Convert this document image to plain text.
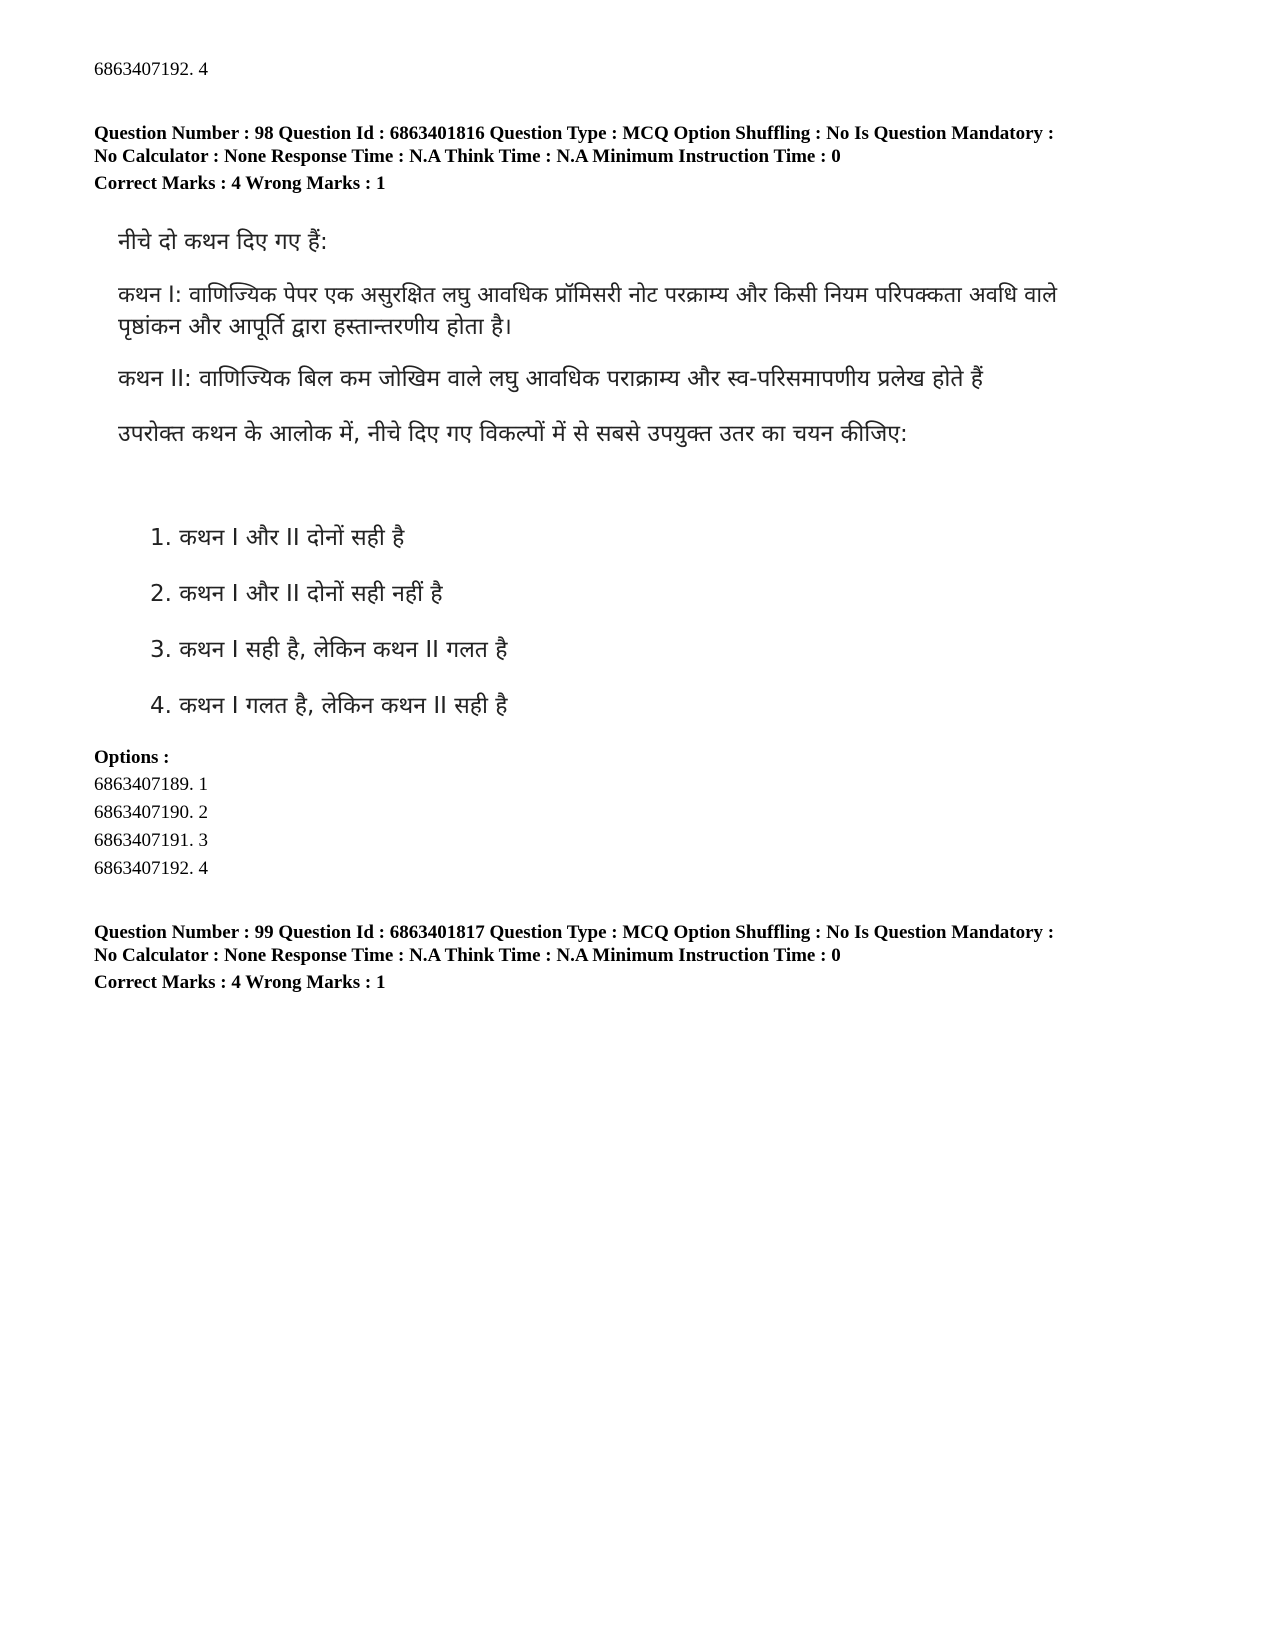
6863407192. 4
Question Number : 98 Question Id : 6863401816 Question Type : MCQ Option Shuffling : No Is Question Mandatory :
No Calculator : None Response Time : N.A Think Time : N.A Minimum Instruction Time : 0
Correct Marks : 4 Wrong Marks : 1
नीचे दो कथन दिए गए हैं:
कथन I: वाणिज्यिक पेपर एक असुरक्षित लघु आवधिक प्रॉमिसरी नोट परक्राम्य और किसी नियम परिपक्कता अवधि वाले
पृष्ठांकन और आपूर्ति द्वारा हस्तान्तरणीय होता है।
कथन II: वाणिज्यिक बिल कम जोखिम वाले लघु आवधिक पराक्राम्य और स्व-परिसमापणीय प्रलेख होते हैं
उपरोक्त कथन के आलोक में, नीचे दिए गए विकल्पों में से सबसे उपयुक्त उतर का चयन कीजिए:
1. कथन I और II दोनों सही है
2. कथन I और II दोनों सही नहीं है
3. कथन I सही है, लेकिन कथन II गलत है
4. कथन I गलत है, लेकिन कथन II सही है
Options :
6863407189. 1
6863407190. 2
6863407191. 3
6863407192. 4
Question Number : 99 Question Id : 6863401817 Question Type : MCQ Option Shuffling : No Is Question Mandatory :
No Calculator : None Response Time : N.A Think Time : N.A Minimum Instruction Time : 0
Correct Marks : 4 Wrong Marks : 1
